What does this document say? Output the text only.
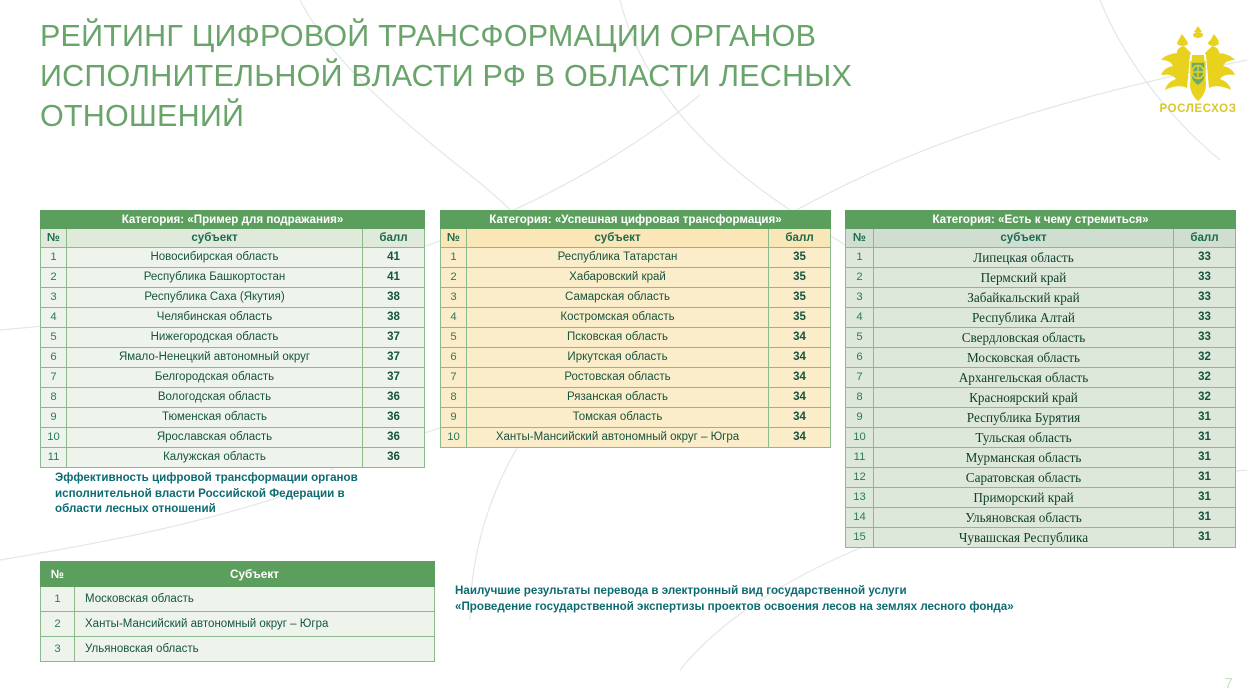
РЕЙТИНГ ЦИФРОВОЙ ТРАНСФОРМАЦИИ ОРГАНОВ ИСПОЛНИТЕЛЬНОЙ ВЛАСТИ РФ В ОБЛАСТИ ЛЕСНЫХ ОТНОШЕНИЙ	РОСЛЕСХОЗ
Категория: «Пример для подражания»		
№	субъект	балл
1	Новосибирская область	41
2	Республика Башкортостан	41
3	Республика Саха (Якутия)	38
4	Челябинская область	38
5	Нижегородская область	37
6	Ямало-Ненецкий автономный округ	37
7	Белгородская область	37
8	Вологодская область	36
9	Тюменская область	36
10	Ярославская область	36
11	Калужская область	36
Категория: «Успешная цифровая трансформация»		
№	субъект	балл
1	Республика Татарстан	35
2	Хабаровский край	35
3	Самарская область	35
4	Костромская область	35
5	Псковская область	34
6	Иркутская область	34
7	Ростовская область	34
8	Рязанская область	34
9	Томская область	34
10	Ханты-Мансийский автономный округ – Югра	34
Категория: «Есть к чему стремиться»		
№	субъект	балл
1	Липецкая область	33
2	Пермский край	33
3	Забайкальский край	33
4	Республика Алтай	33
5	Свердловская область	33
6	Московская область	32
7	Архангельская область	32
8	Красноярский край	32
9	Республика Бурятия	31
10	Тульская область	31
11	Мурманская область	31
12	Саратовская область	31
13	Приморский край	31
14	Ульяновская область	31
15	Чувашская Республика	31
Эффективность цифровой трансформации органов
исполнительной власти Российской Федерации в
области лесных отношений
№	Субъект
1	Московская область
2	Ханты-Мансийский автономный округ – Югра
3	Ульяновская область
Наилучшие результаты перевода в электронный вид государственной услуги
«Проведение государственной экспертизы проектов освоения лесов на землях лесного фонда»
7
